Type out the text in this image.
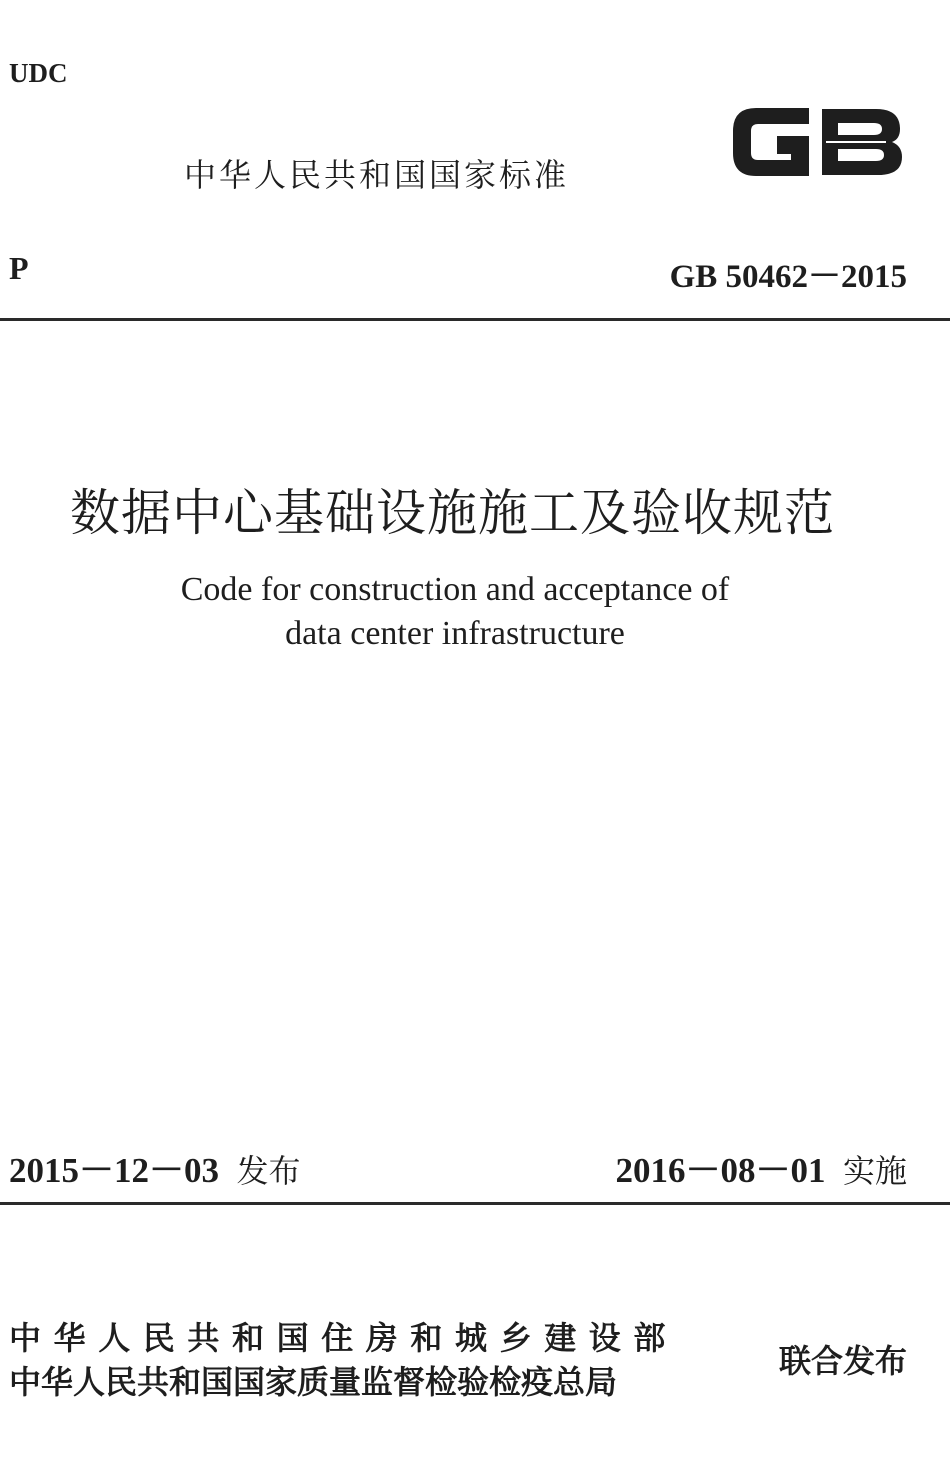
UDC
中华人民共和国国家标准
P	GB 50462－2015
数据中心基础设施施工及验收规范
Code for construction and acceptance of
data center infrastructure
2015－12－03 发布	2016－08－01 实施
中华人民共和国住房和城乡建设部
中华人民共和国国家质量监督检验检疫总局
联合发布
